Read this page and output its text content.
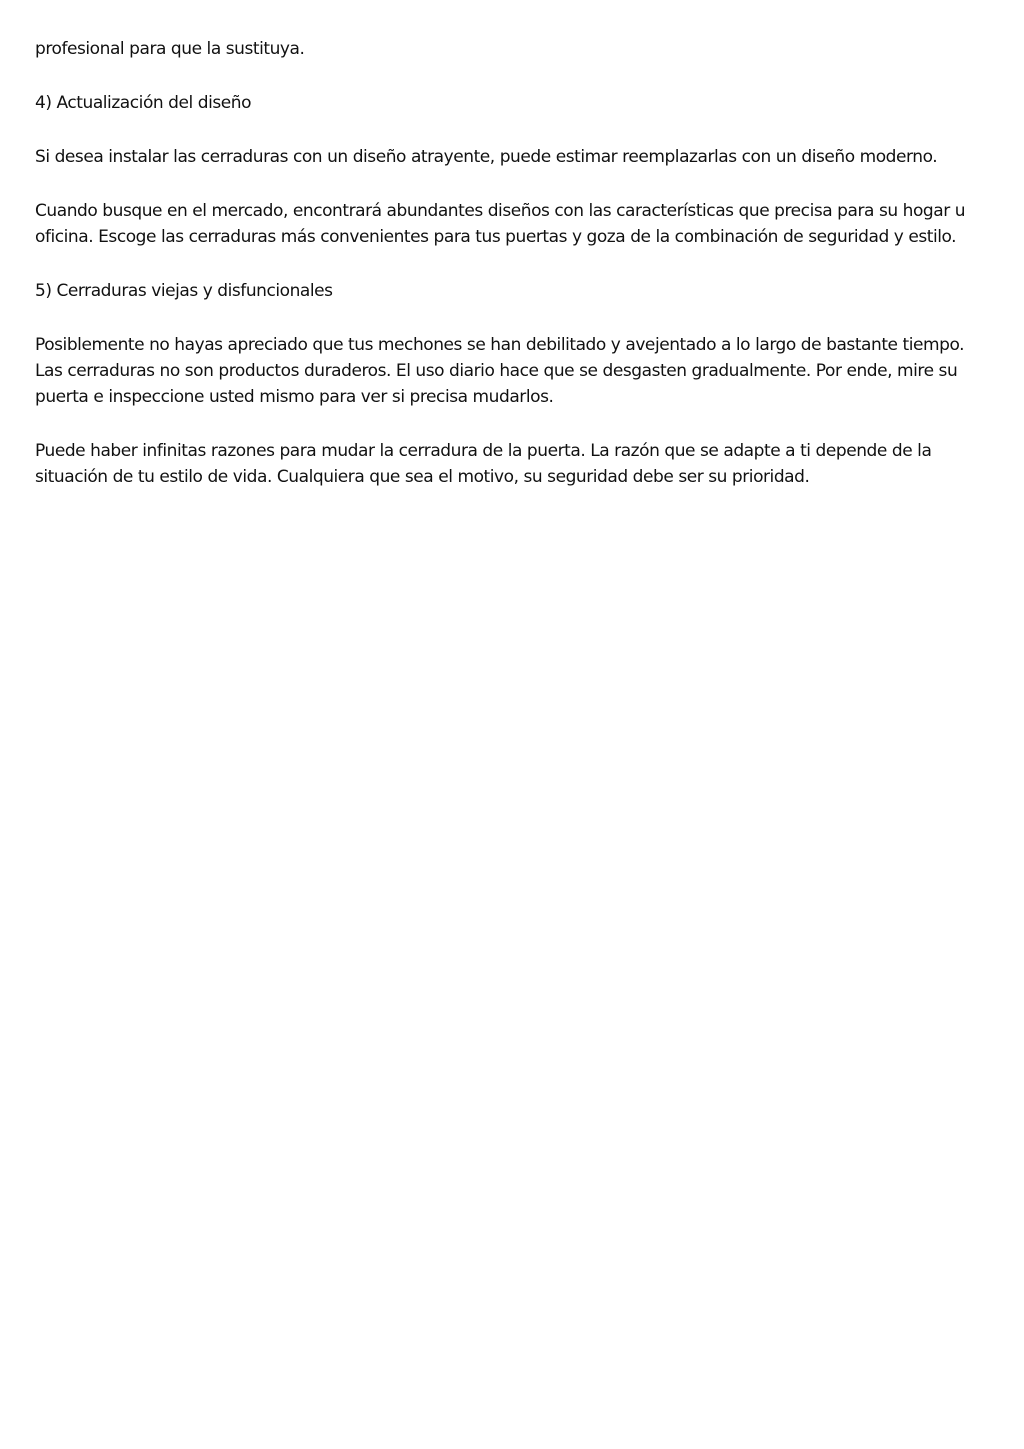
profesional para que la sustituya.

4) Actualización del diseño

Si desea instalar las cerraduras con un diseño atrayente, puede estimar reemplazarlas con un diseño moderno.

Cuando busque en el mercado, encontrará abundantes diseños con las características que precisa para su hogar u oficina. Escoge las cerraduras más convenientes para tus puertas y goza de la combinación de seguridad y estilo.

5) Cerraduras viejas y disfuncionales

Posiblemente no hayas apreciado que tus mechones se han debilitado y avejentado a lo largo de bastante tiempo. Las cerraduras no son productos duraderos. El uso diario hace que se desgasten gradualmente. Por ende, mire su puerta e inspeccione usted mismo para ver si precisa mudarlos.

Puede haber infinitas razones para mudar la cerradura de la puerta. La razón que se adapte a ti depende de la situación de tu estilo de vida. Cualquiera que sea el motivo, su seguridad debe ser su prioridad.
